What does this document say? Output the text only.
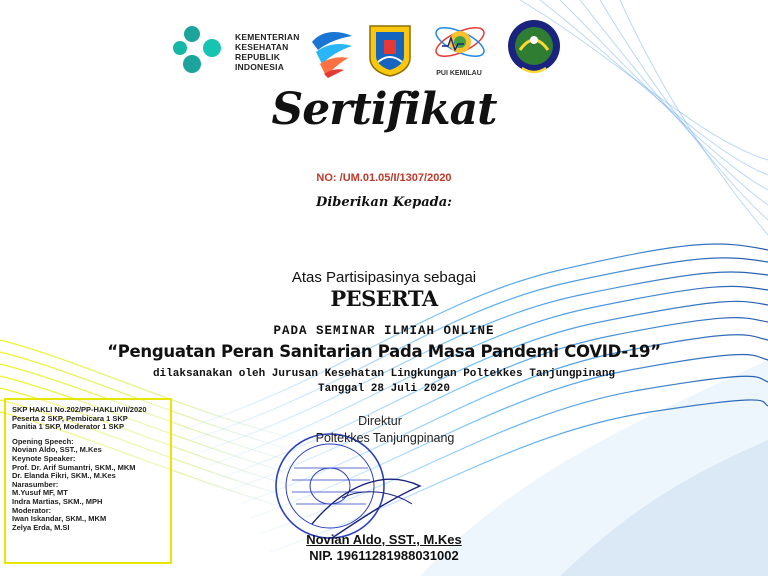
KEMENTERIAN
KESEHATAN
REPUBLIK
INDONESIA
PUI KEMILAU
Sertifikat
NO: /UM.01.05/I/1307/2020
Diberikan Kepada:
Atas Partisipasinya sebagai
PESERTA
PADA SEMINAR ILMIAH ONLINE
“Penguatan Peran Sanitarian Pada Masa Pandemi COVID-19”
dilaksanakan oleh Jurusan Kesehatan Lingkungan Poltekkes Tanjungpinang
Tanggal 28 Juli 2020
SKP HAKLI No.202/PP-HAKLI/VII/2020
Peserta 2 SKP, Pembicara 1 SKP
Panitia 1 SKP, Moderator 1 SKP
Opening Speech:
Novian Aldo, SST., M.Kes
Keynote Speaker:
Prof. Dr. Arif Sumantri, SKM., MKM
Dr. Elanda Fikri, SKM., M.Kes
Narasumber:
M.Yusuf MF, MT
Indra Martias, SKM., MPH
Moderator:
Iwan Iskandar, SKM., MKM
Zelya Erda, M.SI
Direktur
Poltekkes Tanjungpinang
Novian Aldo, SST., M.Kes
NIP. 19611281988031002
